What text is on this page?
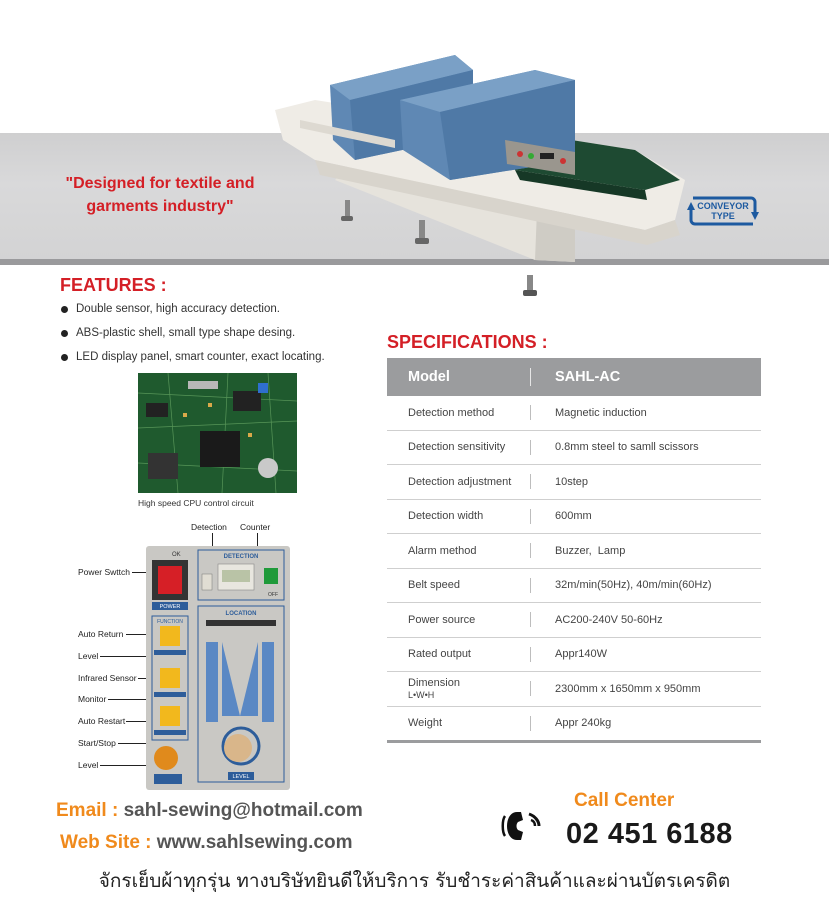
"Designed for textile and
garments industry"	CONVEYOR
TYPE
FEATURES :
Double sensor, high accuracy detection.
ABS-plastic shell, small type shape desing.
LED display panel, smart counter, exact locating.
High speed CPU control circuit
Detection Counter
Power Swttch
Auto Return
Level
Infrared Sensor
Monitor
Auto Restart
Start/Stop
Level
OK
POWER
DETECTION
OFF
FUNCTION
LOCATION
LEVEL
SPECIFICATIONS :
Model	SAHL-AC
Detection method	Magnetic induction
Detection sensitivity	0.8mm steel to samll scissors
Detection adjustment	10step
Detection width	600mm
Alarm method	Buzzer,  Lamp
Belt speed	32m/min(50Hz), 40m/min(60Hz)
Power source	AC200-240V 50-60Hz
Rated output	Appr140W
Dimension
L•W•H	2300mm x 1650mm x 950mm
Weight	Appr 240kg
Email : sahl-sewing@hotmail.com
Web Site : www.sahlsewing.com
Call Center
02 451 6188
จักรเย็บผ้าทุกรุ่น ทางบริษัทยินดีให้บริการ รับชำระค่าสินค้าและผ่านบัตรเครดิต
